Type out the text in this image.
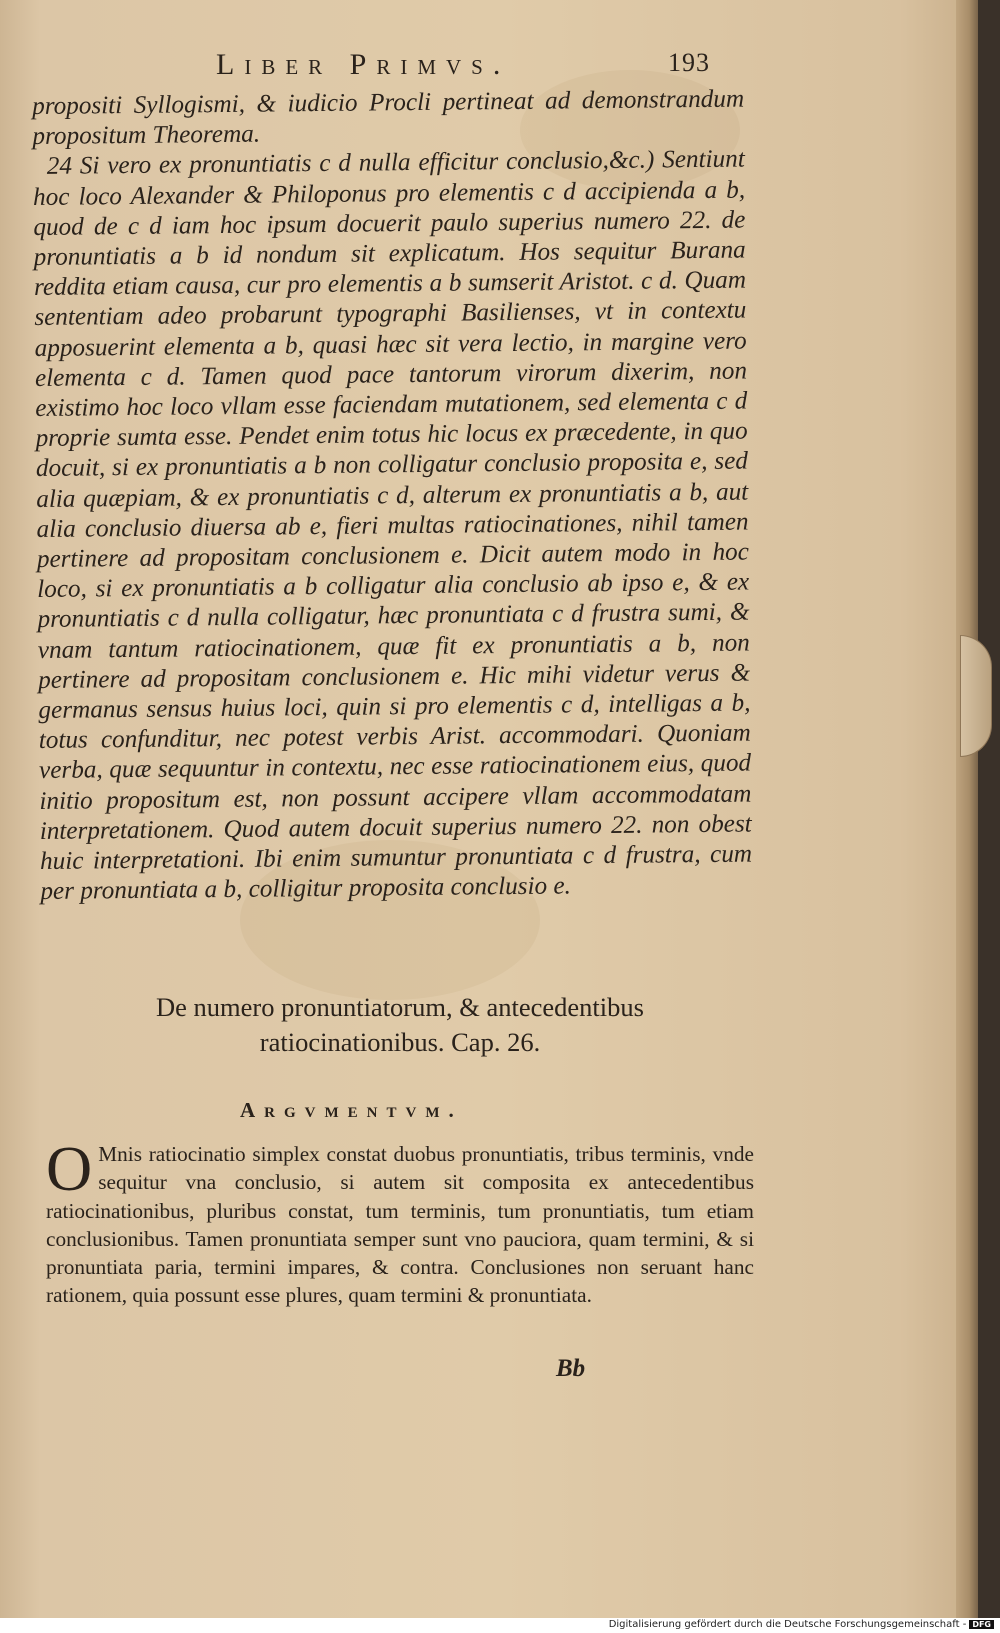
Liber Primvs.	193

propositi Syllogismi, & iudicio Procli pertineat ad demonstrandum propositum Theorema.

24 Si vero ex pronuntiatis c d nulla efficitur conclusio,&c.) Sentiunt hoc loco Alexander & Philoponus pro elementis c d accipienda a b, quod de c d iam hoc ipsum docuerit paulo superius numero 22. de pronuntiatis a b id nondum sit explicatum. Hos sequitur Burana reddita etiam causa, cur pro elementis a b sumserit Aristot. c d. Quam sententiam adeo probarunt typographi Basilienses, vt in contextu apposuerint elementa a b, quasi hæc sit vera lectio, in margine vero elementa c d. Tamen quod pace tantorum virorum dixerim, non existimo hoc loco vllam esse faciendam mutationem, sed elementa c d proprie sumta esse. Pendet enim totus hic locus ex præcedente, in quo docuit, si ex pronuntiatis a b non colligatur conclusio proposita e, sed alia quæpiam, & ex pronuntiatis c d, alterum ex pronuntiatis a b, aut alia conclusio diuersa ab e, fieri multas ratiocinationes, nihil tamen pertinere ad propositam conclusionem e. Dicit autem modo in hoc loco, si ex pronuntiatis a b colligatur alia conclusio ab ipso e, & ex pronuntiatis c d nulla colligatur, hæc pronuntiata c d frustra sumi, & vnam tantum ratiocinationem, quæ fit ex pronuntiatis a b, non pertinere ad propositam conclusionem e. Hic mihi videtur verus & germanus sensus huius loci, quin si pro elementis c d, intelligas a b, totus confunditur, nec potest verbis Arist. accommodari. Quoniam verba, quæ sequuntur in contextu, nec esse ratiocinationem eius, quod initio propositum est, non possunt accipere vllam accommodatam interpretationem. Quod autem docuit superius numero 22. non obest huic interpretationi. Ibi enim sumuntur pronuntiata c d frustra, cum per pronuntiata a b, colligitur proposita conclusio e.

De numero pronuntiatorum, & antecedentibus ratiocinationibus. Cap. 26.
Argvmentvm.
O Mnis ratiocinatio simplex constat duobus pronuntiatis, tribus terminis, vnde sequitur vna conclusio, si autem sit composita ex antecedentibus ratiocinationibus, pluribus constat, tum terminis, tum pronuntiatis, tum etiam conclusionibus. Tamen pronuntiata semper sunt vno pauciora, quam termini, & si pronuntiata paria, termini impares, & contra. Conclusiones non seruant hanc rationem, quia possunt esse plures, quam termini & pronuntiata.
Bb
Digitalisierung gefördert durch die Deutsche Forschungsgemeinschaft - DFG
